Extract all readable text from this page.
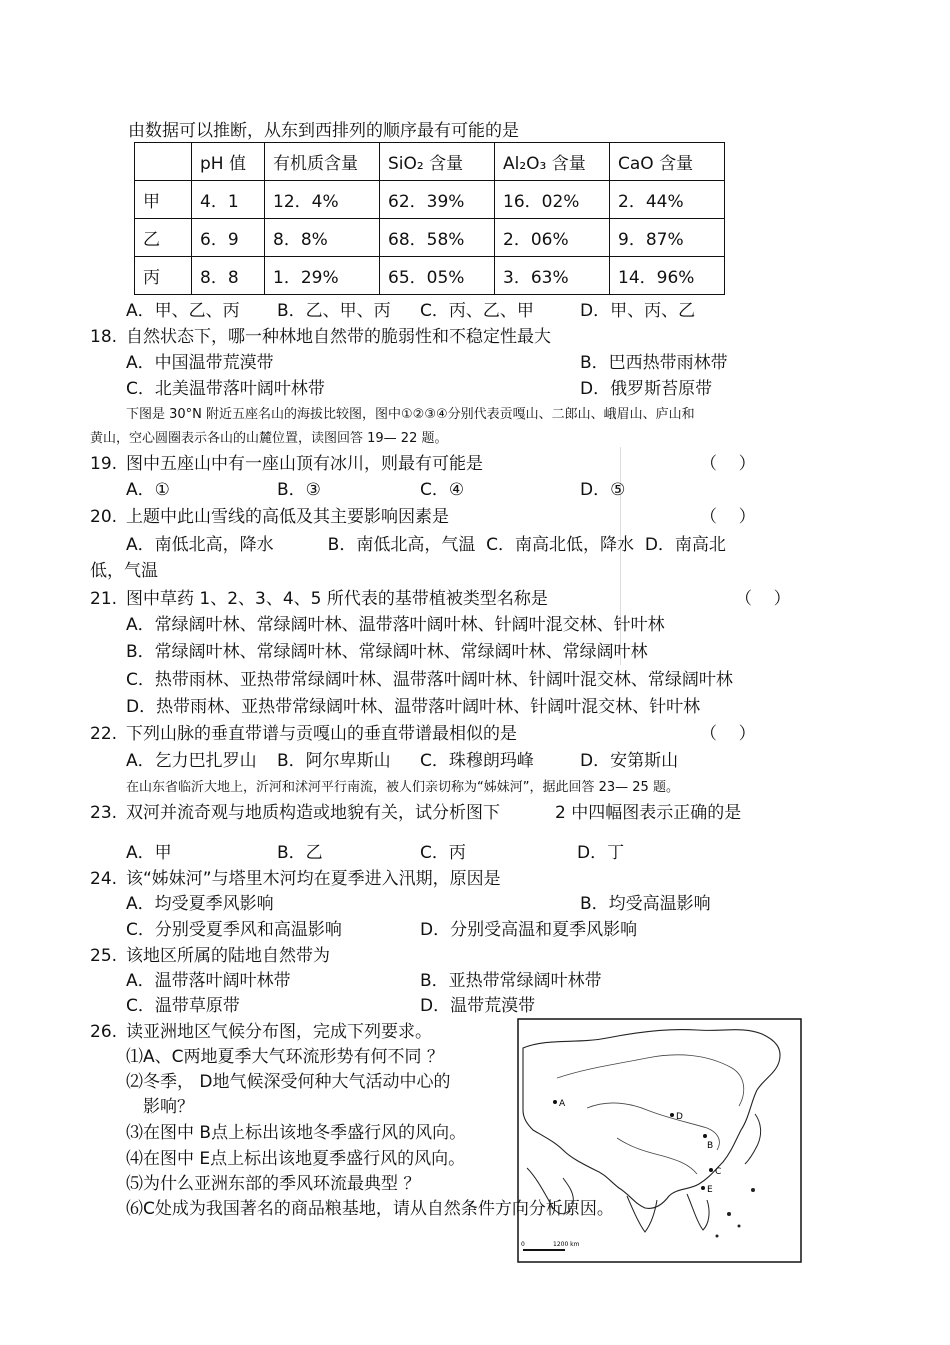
由数据可以推断，从东到西排列的顺序最有可能的是
	pH 值	有机质含量	SiO₂ 含量	Al₂O₃ 含量	CaO 含量
甲	4．1	12．4%	62．39%	16．02%	2．44%
乙	6．9	8．8%	68．58%	2．06%	9．87%
丙	8．8	1．29%	65．05%	3．63%	14．96%
A．甲、乙、丙 B．乙、甲、丙 C．丙、乙、甲	D．甲、丙、乙
18. 自然状态下，哪一种林地自然带的脆弱性和不稳定性最大
A．中国温带荒漠带	B．巴西热带雨林带
C．北美温带落叶阔叶林带	D．俄罗斯苔原带
下图是 30°N 附近五座名山的海拔比较图，图中①②③④分别代表贡嘎山、二郎山、峨眉山、庐山和
黄山，空心圆圈表示各山的山麓位置，读图回答 19— 22 题。
19. 图中五座山中有一座山顶有冰川，则最有可能是	（    ）
A．①	B．③	C．④	D．⑤
20. 上题中此山雪线的高低及其主要影响因素是	（    ）
A．南低北高，降水          B．南低北高，气温  C．南高北低，降水  D．南高北
低，气温
21. 图中草药 1、2、3、4、5 所代表的基带植被类型名称是	（    ）
A．常绿阔叶林、常绿阔叶林、温带落叶阔叶林、针阔叶混交林、针叶林
B．常绿阔叶林、常绿阔叶林、常绿阔叶林、常绿阔叶林、常绿阔叶林
C．热带雨林、亚热带常绿阔叶林、温带落叶阔叶林、针阔叶混交林、常绿阔叶林
D．热带雨林、亚热带常绿阔叶林、温带落叶阔叶林、针阔叶混交林、针叶林
22. 下列山脉的垂直带谱与贡嘎山的垂直带谱最相似的是	（    ）
A．乞力巴扎罗山 B．阿尔卑斯山 C．珠穆朗玛峰	D．安第斯山
在山东省临沂大地上，沂河和沭河平行南流，被人们亲切称为“姊妹河”，据此回答 23— 25 题。
23. 双河并流奇观与地质构造或地貌有关，试分析图下	2 中四幅图表示正确的是
A．甲	B．乙	C．丙	D．丁
24. 该“姊妹河”与塔里木河均在夏季进入汛期，原因是
A．均受夏季风影响	B．均受高温影响
C．分别受夏季风和高温影响	D．分别受高温和夏季风影响
25. 该地区所属的陆地自然带为
A．温带落叶阔叶林带	B．亚热带常绿阔叶林带
C．温带草原带	D．温带荒漠带
26. 读亚洲地区气候分布图，完成下列要求。
⑴A、C两地夏季大气环流形势有何不同 ？
⑵冬季， D地气候深受何种大气活动中心的
影响？
⑶在图中 B点上标出该地冬季盛行风的风向。
⑷在图中 E点上标出该地夏季盛行风的风向。
A
B
C
D
E
0	1200 km
⑸为什么亚洲东部的季风环流最典型 ？
⑹C处成为我国著名的商品粮基地，请从自然条件方向分析原因。
